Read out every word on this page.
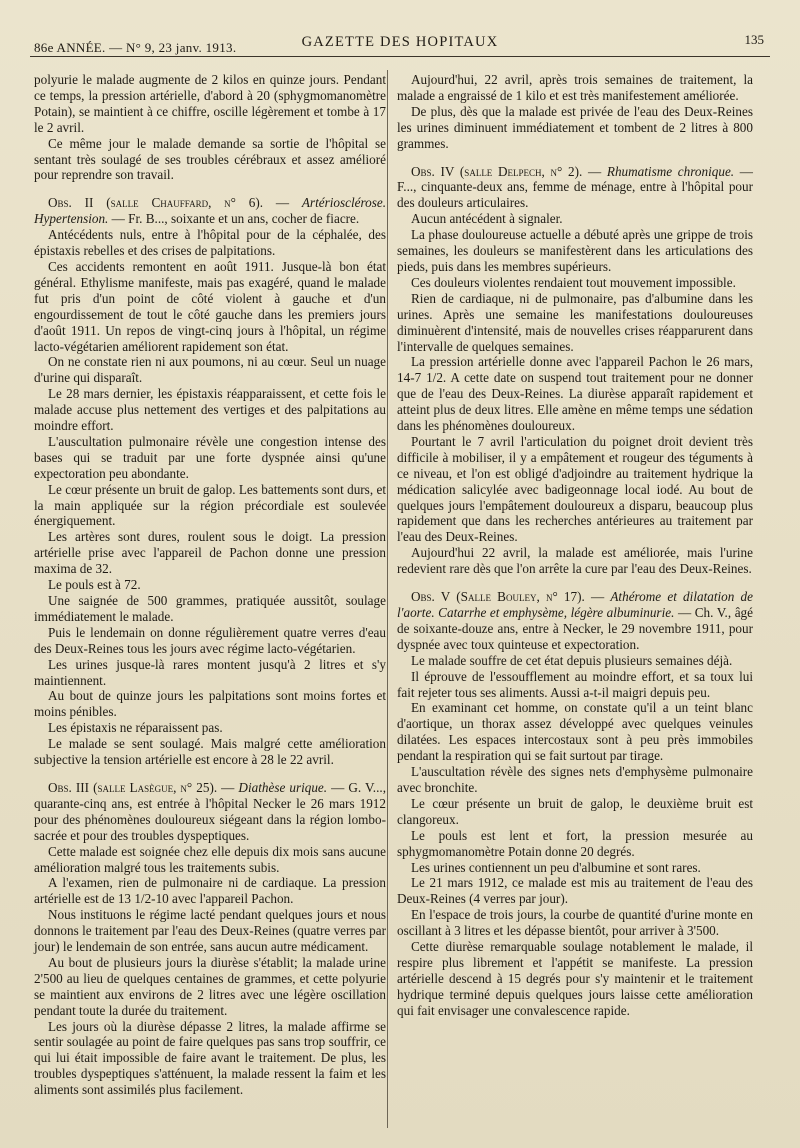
86e ANNÉE. — N° 9, 23 janv. 1913.	GAZETTE DES HOPITAUX	135

polyurie le malade augmente de 2 kilos en quinze jours. Pendant ce temps, la pression artérielle, d'abord à 20 (sphygmomanomètre Potain), se maintient à ce chiffre, oscille légèrement et tombe à 17 le 2 avril.

Ce même jour le malade demande sa sortie de l'hôpital se sentant très soulagé de ses troubles cérébraux et assez amélioré pour reprendre son travail.

Obs. II (salle Chauffard, n° 6). — Artériosclérose. Hypertension. — Fr. B..., soixante et un ans, cocher de fiacre.

Antécédents nuls, entre à l'hôpital pour de la céphalée, des épistaxis rebelles et des crises de palpitations.

Ces accidents remontent en août 1911. Jusque-là bon état général. Ethylisme manifeste, mais pas exagéré, quand le malade fut pris d'un point de côté violent à gauche et d'un engourdissement de tout le côté gauche dans les premiers jours d'août 1911. Un repos de vingt-cinq jours à l'hôpital, un régime lacto-végétarien améliorent rapidement son état.

On ne constate rien ni aux poumons, ni au cœur. Seul un nuage d'urine qui disparaît.

Le 28 mars dernier, les épistaxis réapparaissent, et cette fois le malade accuse plus nettement des vertiges et des palpitations au moindre effort.

L'auscultation pulmonaire révèle une congestion intense des bases qui se traduit par une forte dyspnée ainsi qu'une expectoration peu abondante.

Le cœur présente un bruit de galop. Les battements sont durs, et la main appliquée sur la région précordiale est soulevée énergiquement.

Les artères sont dures, roulent sous le doigt. La pression artérielle prise avec l'appareil de Pachon donne une pression maxima de 32.

Le pouls est à 72.

Une saignée de 500 grammes, pratiquée aussitôt, soulage immédiatement le malade.

Puis le lendemain on donne régulièrement quatre verres d'eau des Deux-Reines tous les jours avec régime lacto-végétarien.

Les urines jusque-là rares montent jusqu'à 2 litres et s'y maintiennent.

Au bout de quinze jours les palpitations sont moins fortes et moins pénibles.

Les épistaxis ne réparaissent pas.

Le malade se sent soulagé. Mais malgré cette amélioration subjective la tension artérielle est encore à 28 le 22 avril.

Obs. III (salle Lasègue, n° 25). — Diathèse urique. — G. V..., quarante-cinq ans, est entrée à l'hôpital Necker le 26 mars 1912 pour des phénomènes douloureux siégeant dans la région lombo-sacrée et pour des troubles dyspeptiques.

Cette malade est soignée chez elle depuis dix mois sans aucune amélioration malgré tous les traitements subis.

A l'examen, rien de pulmonaire ni de cardiaque. La pression artérielle est de 13 1/2-10 avec l'appareil Pachon.

Nous instituons le régime lacté pendant quelques jours et nous donnons le traitement par l'eau des Deux-Reines (quatre verres par jour) le lendemain de son entrée, sans aucun autre médicament.

Au bout de plusieurs jours la diurèse s'établit; la malade urine 2'500 au lieu de quelques centaines de grammes, et cette polyurie se maintient aux environs de 2 litres avec une légère oscillation pendant toute la durée du traitement.

Les jours où la diurèse dépasse 2 litres, la malade affirme se sentir soulagée au point de faire quelques pas sans trop souffrir, ce qui lui était impossible de faire avant le traitement. De plus, les troubles dyspeptiques s'atténuent, la malade ressent la faim et les aliments sont assimilés plus facilement.

Aujourd'hui, 22 avril, après trois semaines de traitement, la malade a engraissé de 1 kilo et est très manifestement améliorée.

De plus, dès que la malade est privée de l'eau des Deux-Reines les urines diminuent immédiatement et tombent de 2 litres à 800 grammes.

Obs. IV (salle Delpech, n° 2). — Rhumatisme chronique. — F..., cinquante-deux ans, femme de ménage, entre à l'hôpital pour des douleurs articulaires.

Aucun antécédent à signaler.

La phase douloureuse actuelle a débuté après une grippe de trois semaines, les douleurs se manifestèrent dans les articulations des pieds, puis dans les membres supérieurs.

Ces douleurs violentes rendaient tout mouvement impossible.

Rien de cardiaque, ni de pulmonaire, pas d'albumine dans les urines. Après une semaine les manifestations douloureuses diminuèrent d'intensité, mais de nouvelles crises réapparurent dans l'intervalle de quelques semaines.

La pression artérielle donne avec l'appareil Pachon le 26 mars, 14-7 1/2. A cette date on suspend tout traitement pour ne donner que de l'eau des Deux-Reines. La diurèse apparaît rapidement et atteint plus de deux litres. Elle amène en même temps une sédation dans les phénomènes douloureux.

Pourtant le 7 avril l'articulation du poignet droit devient très difficile à mobiliser, il y a empâtement et rougeur des téguments à ce niveau, et l'on est obligé d'adjoindre au traitement hydrique la médication salicylée avec badigeonnage local iodé. Au bout de quelques jours l'empâtement douloureux a disparu, beaucoup plus rapidement que dans les recherches antérieures au traitement par l'eau des Deux-Reines.

Aujourd'hui 22 avril, la malade est améliorée, mais l'urine redevient rare dès que l'on arrête la cure par l'eau des Deux-Reines.

Obs. V (Salle Bouley, n° 17). — Athérome et dilatation de l'aorte. Catarrhe et emphysème, légère albuminurie. — Ch. V., âgé de soixante-douze ans, entre à Necker, le 29 novembre 1911, pour dyspnée avec toux quinteuse et expectoration.

Le malade souffre de cet état depuis plusieurs semaines déjà.

Il éprouve de l'essoufflement au moindre effort, et sa toux lui fait rejeter tous ses aliments. Aussi a-t-il maigri depuis peu.

En examinant cet homme, on constate qu'il a un teint blanc d'aortique, un thorax assez développé avec quelques veinules dilatées. Les espaces intercostaux sont à peu près immobiles pendant la respiration qui se fait surtout par tirage.

L'auscultation révèle des signes nets d'emphysème pulmonaire avec bronchite.

Le cœur présente un bruit de galop, le deuxième bruit est clangoreux.

Le pouls est lent et fort, la pression mesurée au sphygmomanomètre Potain donne 20 degrés.

Les urines contiennent un peu d'albumine et sont rares.

Le 21 mars 1912, ce malade est mis au traitement de l'eau des Deux-Reines (4 verres par jour).

En l'espace de trois jours, la courbe de quantité d'urine monte en oscillant à 3 litres et les dépasse bientôt, pour arriver à 3'500.

Cette diurèse remarquable soulage notablement le malade, il respire plus librement et l'appétit se manifeste. La pression artérielle descend à 15 degrés pour s'y maintenir et le traitement hydrique terminé depuis quelques jours laisse cette amélioration qui fait envisager une convalescence rapide.
